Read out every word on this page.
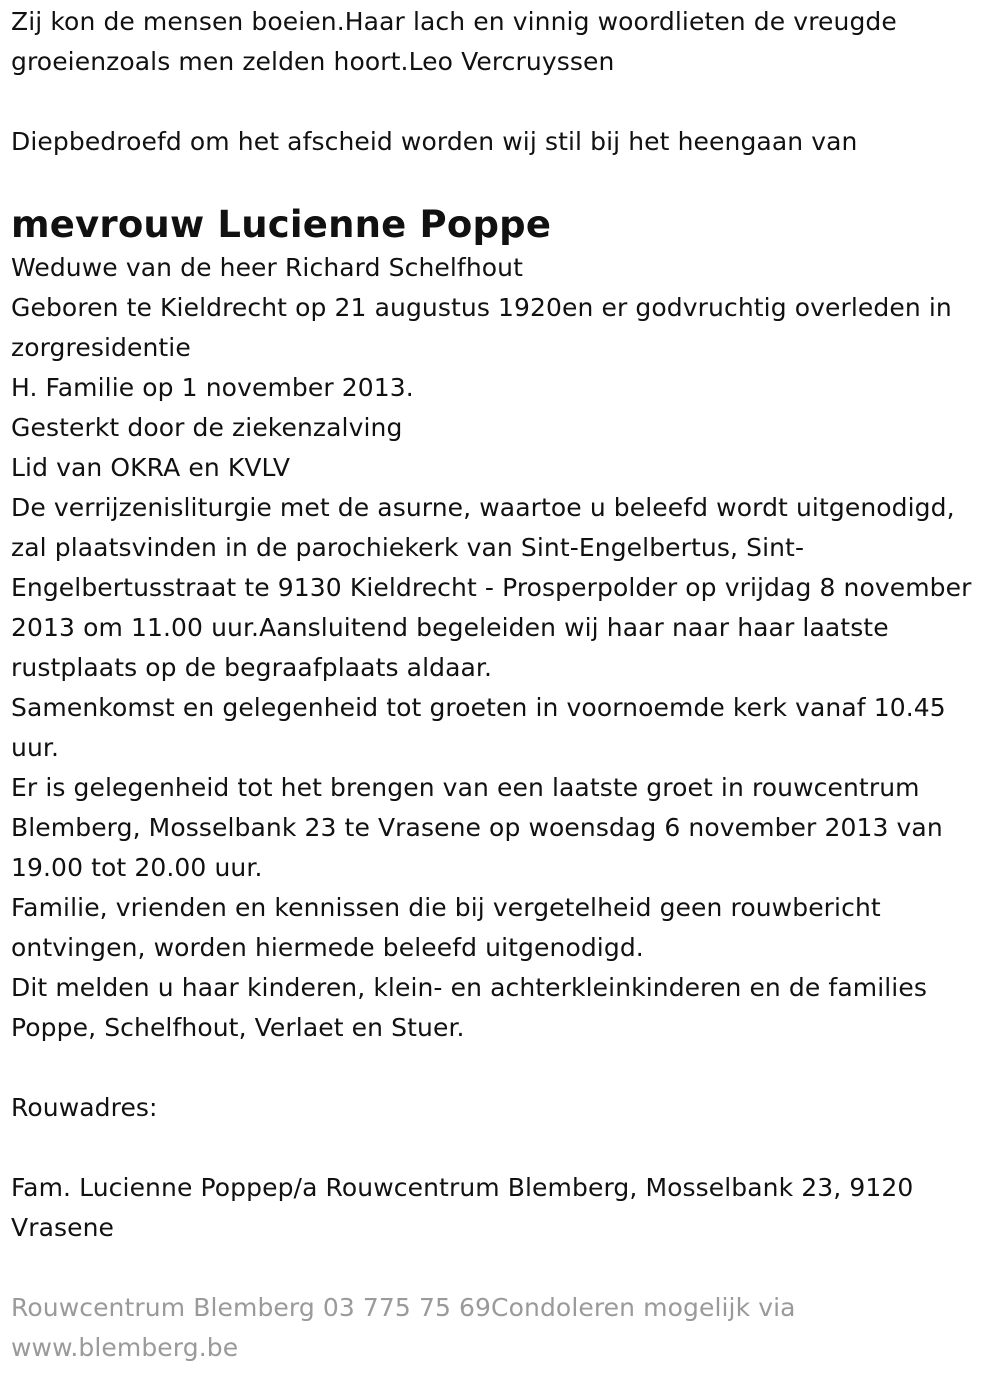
Zij kon de mensen boeien.Haar lach en vinnig woordlieten de vreugde groeienzoals men zelden hoort.Leo Vercruyssen

Diepbedroefd om het afscheid worden wij stil bij het heengaan van

mevrouw Lucienne Poppe
Weduwe van de heer Richard Schelfhout
Geboren te Kieldrecht op 21 augustus 1920en er godvruchtig overleden in zorgresidentie
H. Familie op 1 november 2013.
Gesterkt door de ziekenzalving
Lid van OKRA en KVLV
De verrijzenisliturgie met de asurne, waartoe u beleefd wordt uitgenodigd, zal plaatsvinden in de parochiekerk van Sint-Engelbertus, Sint-Engelbertusstraat te 9130 Kieldrecht - Prosperpolder op vrijdag 8 november 2013 om 11.00 uur.Aansluitend begeleiden wij haar naar haar laatste rustplaats op de begraafplaats aldaar.
Samenkomst en gelegenheid tot groeten in voornoemde kerk vanaf 10.45 uur.
Er is gelegenheid tot het brengen van een laatste groet in rouwcentrum Blemberg, Mosselbank 23 te Vrasene op woensdag 6 november 2013 van 19.00 tot 20.00 uur.
Familie, vrienden en kennissen die bij vergetelheid geen rouwbericht ontvingen, worden hiermede beleefd uitgenodigd.
Dit melden u haar kinderen, klein- en achterkleinkinderen en de families Poppe, Schelfhout, Verlaet en Stuer.

Rouwadres:

Fam. Lucienne Poppep/a Rouwcentrum Blemberg, Mosselbank 23, 9120 Vrasene

Rouwcentrum Blemberg 03 775 75 69Condoleren mogelijk via www.blemberg.be
